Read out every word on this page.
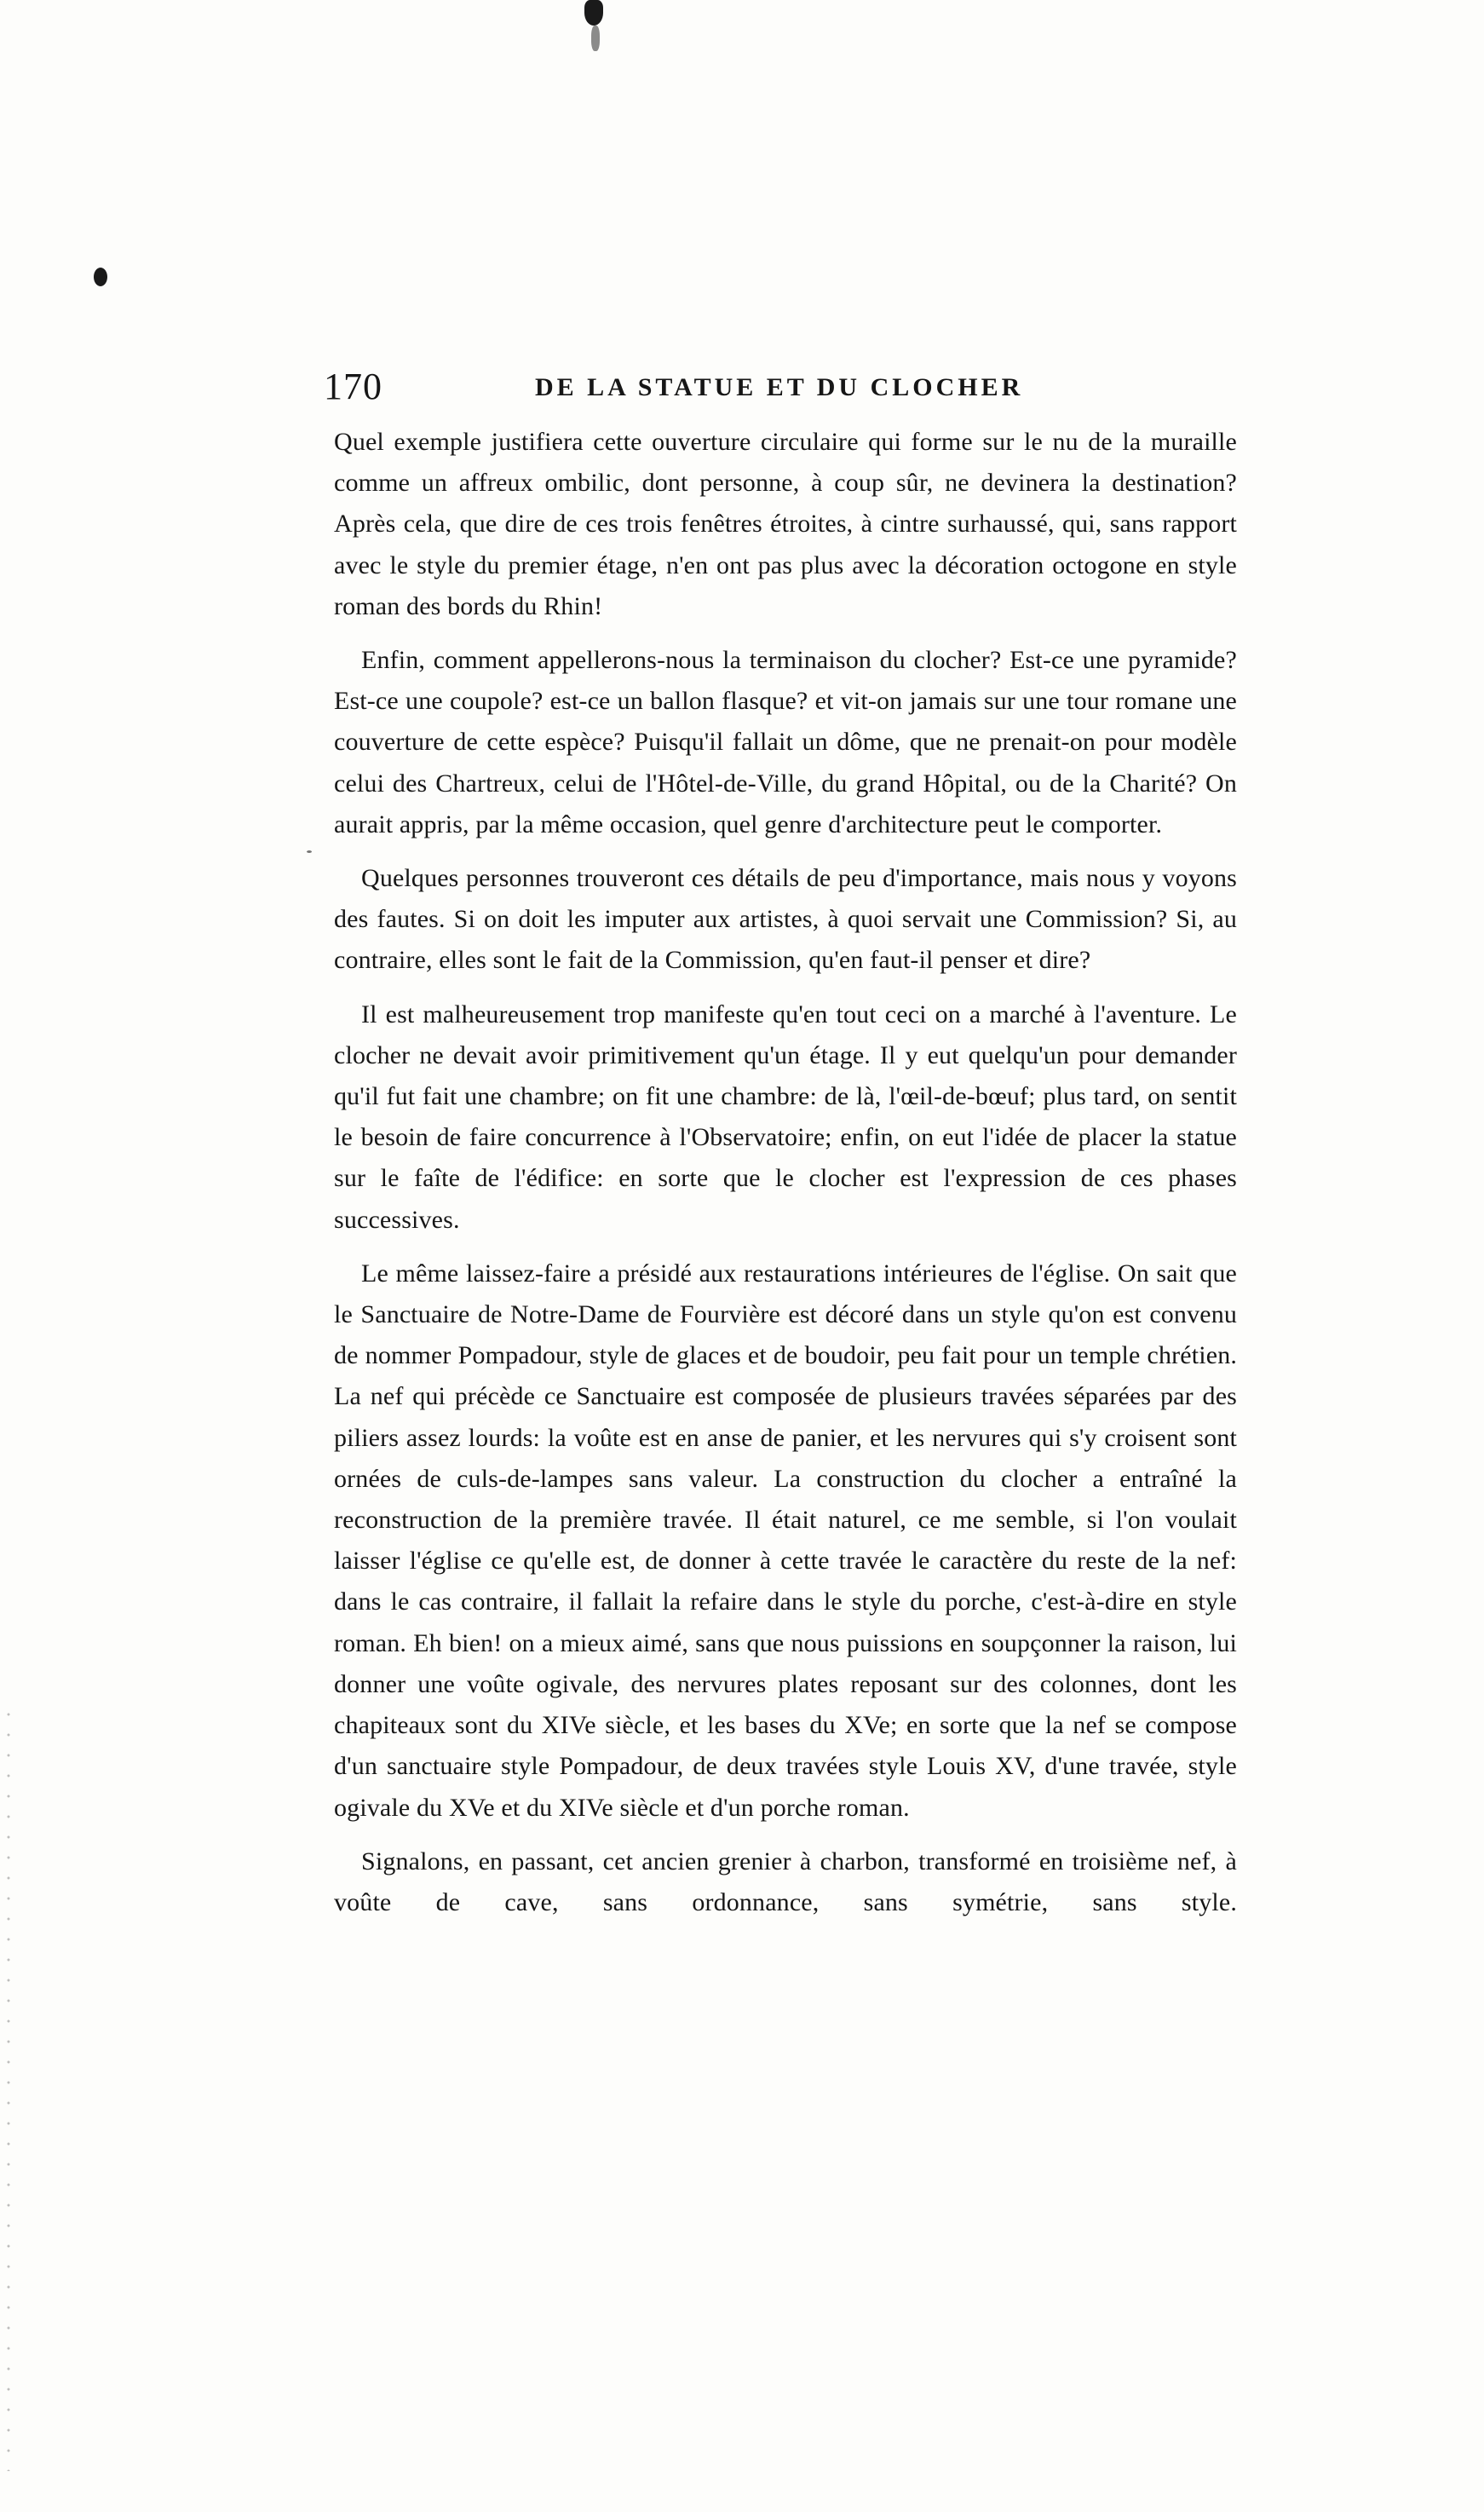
170	DE LA STATUE ET DU CLOCHER

Quel exemple justifiera cette ouverture circulaire qui forme sur le nu de la muraille comme un affreux ombilic, dont personne, à coup sûr, ne devinera la destination? Après cela, que dire de ces trois fenêtres étroites, à cintre surhaussé, qui, sans rapport avec le style du premier étage, n'en ont pas plus avec la décoration octogone en style roman des bords du Rhin!

Enfin, comment appellerons-nous la terminaison du clocher? Est-ce une pyramide? Est-ce une coupole? est-ce un ballon flasque? et vit-on jamais sur une tour romane une couverture de cette espèce? Puisqu'il fallait un dôme, que ne prenait-on pour modèle celui des Chartreux, celui de l'Hôtel-de-Ville, du grand Hôpital, ou de la Charité? On aurait appris, par la même occasion, quel genre d'architecture peut le comporter.

Quelques personnes trouveront ces détails de peu d'importance, mais nous y voyons des fautes. Si on doit les imputer aux artistes, à quoi servait une Commission? Si, au contraire, elles sont le fait de la Commission, qu'en faut-il penser et dire?

Il est malheureusement trop manifeste qu'en tout ceci on a marché à l'aventure. Le clocher ne devait avoir primitivement qu'un étage. Il y eut quelqu'un pour demander qu'il fut fait une chambre; on fit une chambre: de là, l'œil-de-bœuf; plus tard, on sentit le besoin de faire concurrence à l'Observatoire; enfin, on eut l'idée de placer la statue sur le faîte de l'édifice: en sorte que le clocher est l'expression de ces phases successives.

Le même laissez-faire a présidé aux restaurations intérieures de l'église. On sait que le Sanctuaire de Notre-Dame de Fourvière est décoré dans un style qu'on est convenu de nommer Pompadour, style de glaces et de boudoir, peu fait pour un temple chrétien. La nef qui précède ce Sanctuaire est composée de plusieurs travées séparées par des piliers assez lourds: la voûte est en anse de panier, et les nervures qui s'y croisent sont ornées de culs-de-lampes sans valeur. La construction du clocher a entraîné la reconstruction de la première travée. Il était naturel, ce me semble, si l'on voulait laisser l'église ce qu'elle est, de donner à cette travée le caractère du reste de la nef: dans le cas contraire, il fallait la refaire dans le style du porche, c'est-à-dire en style roman. Eh bien! on a mieux aimé, sans que nous puissions en soupçonner la raison, lui donner une voûte ogivale, des nervures plates reposant sur des colonnes, dont les chapiteaux sont du XIVe siècle, et les bases du XVe; en sorte que la nef se compose d'un sanctuaire style Pompadour, de deux travées style Louis XV, d'une travée, style ogivale du XVe et du XIVe siècle et d'un porche roman.

Signalons, en passant, cet ancien grenier à charbon, transformé en troisième nef, à voûte de cave, sans ordonnance, sans symétrie, sans style.
